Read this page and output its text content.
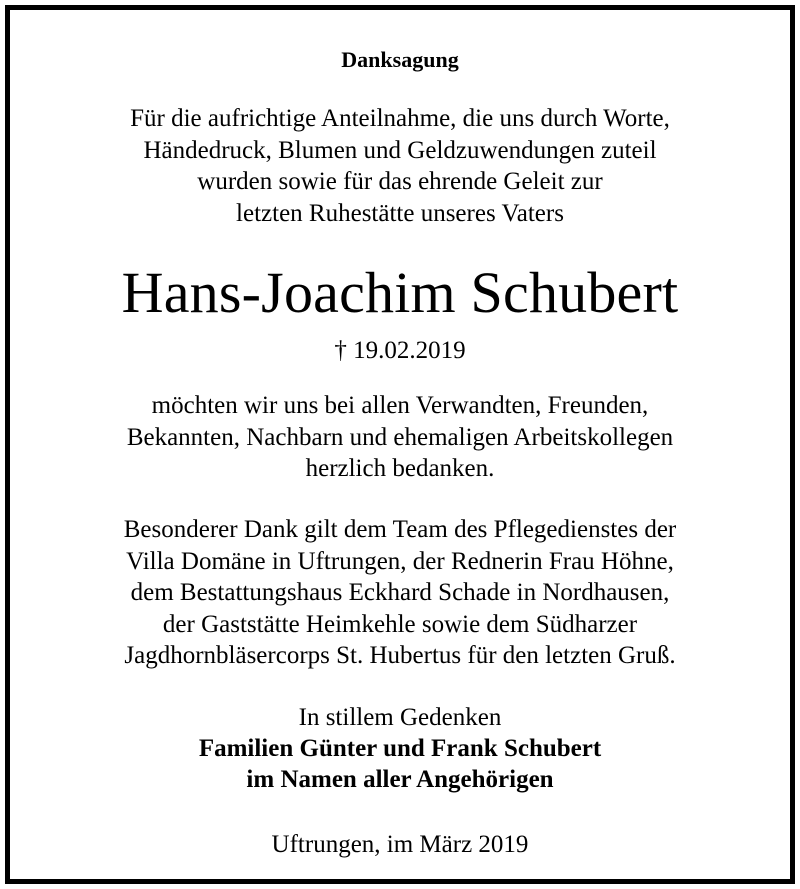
Danksagung
Für die aufrichtige Anteilnahme, die uns durch Worte,
Händedruck, Blumen und Geldzuwendungen zuteil
wurden sowie für das ehrende Geleit zur
letzten Ruhestätte unseres Vaters
Hans-Joachim Schubert
† 19.02.2019
möchten wir uns bei allen Verwandten, Freunden,
Bekannten, Nachbarn und ehemaligen Arbeitskollegen
herzlich bedanken.
Besonderer Dank gilt dem Team des Pflegedienstes der
Villa Domäne in Uftrungen, der Rednerin Frau Höhne,
dem Bestattungshaus Eckhard Schade in Nordhausen,
der Gaststätte Heimkehle sowie dem Südharzer
Jagdhornbläsercorps St. Hubertus für den letzten Gruß.
In stillem Gedenken
Familien Günter und Frank Schubert
im Namen aller Angehörigen
Uftrungen, im März 2019
